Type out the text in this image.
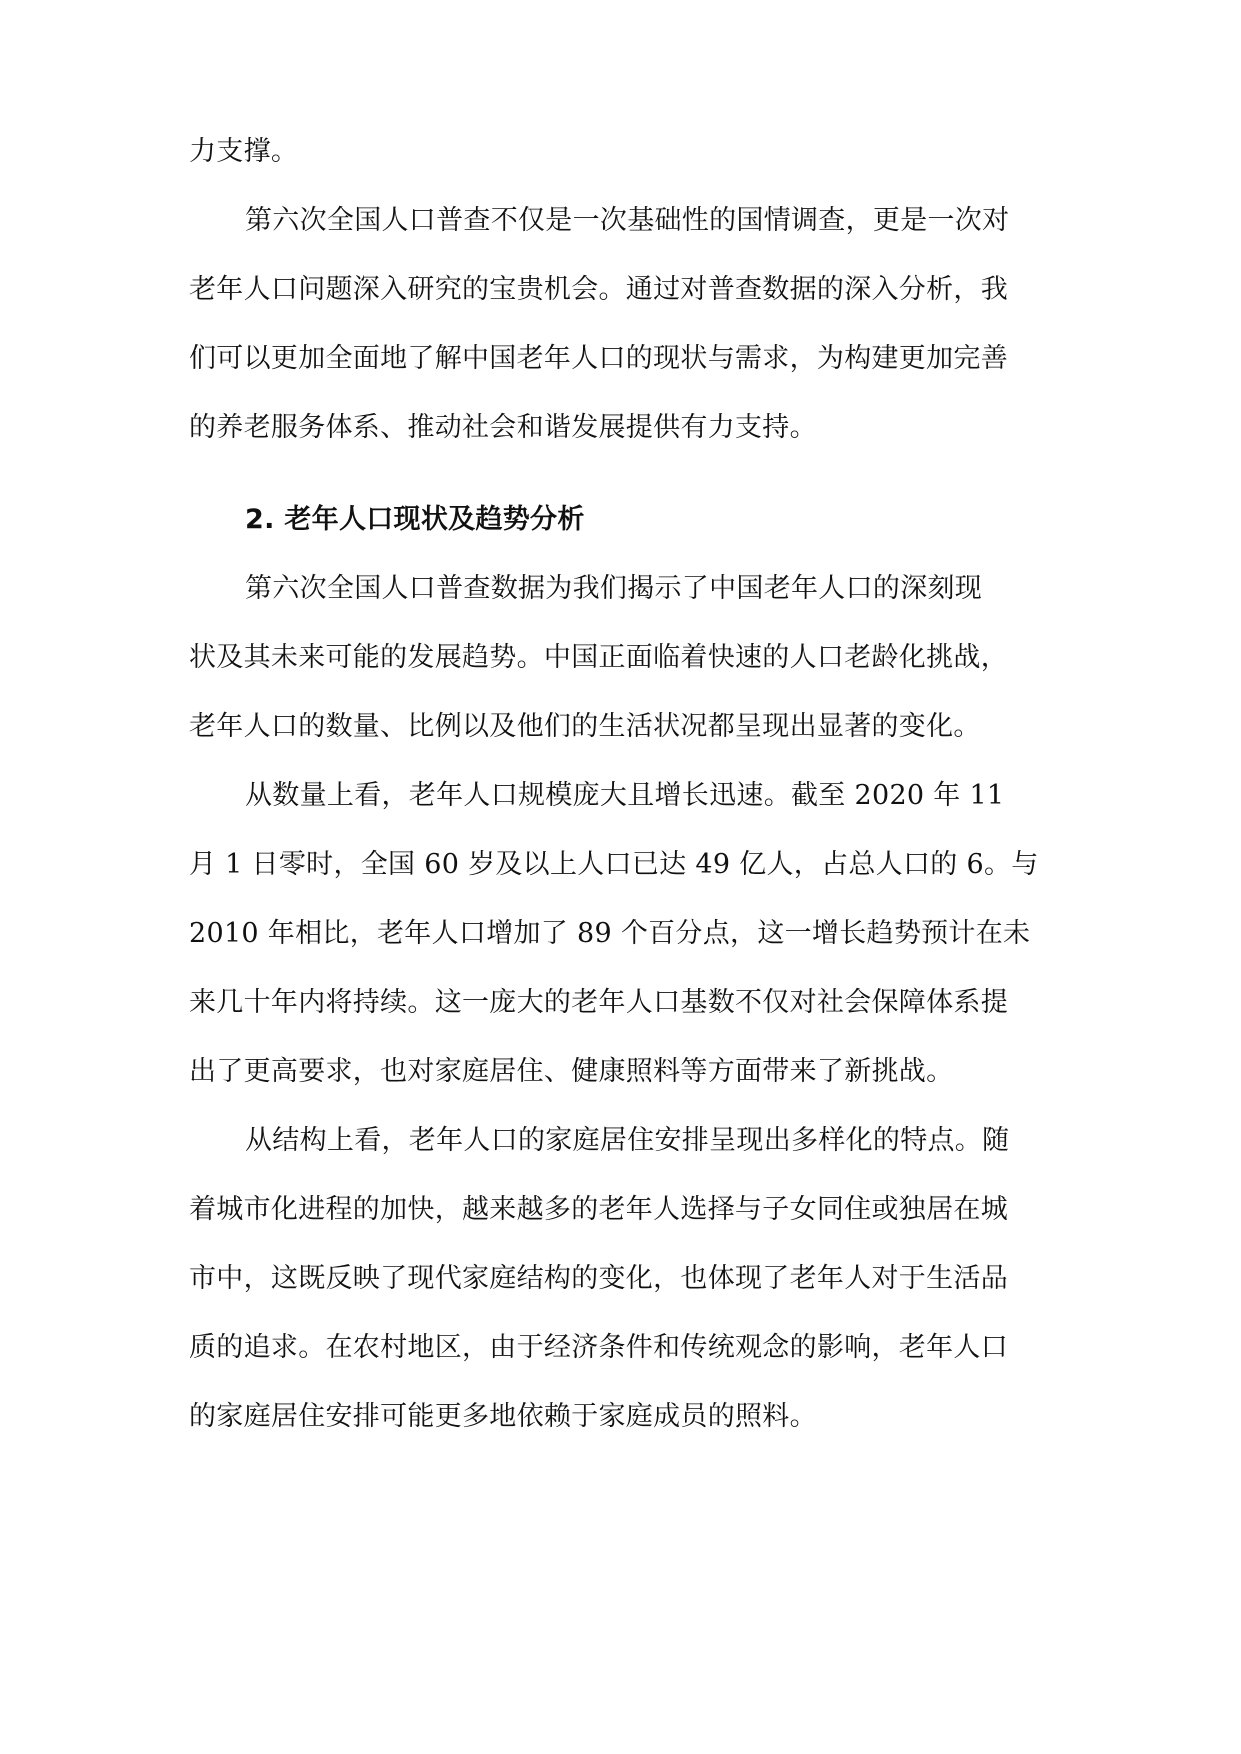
力支撑。
第六次全国人口普查不仅是一次基础性的国情调查，更是一次对
老年人口问题深入研究的宝贵机会。通过对普查数据的深入分析，我
们可以更加全面地了解中国老年人口的现状与需求，为构建更加完善
的养老服务体系、推动社会和谐发展提供有力支持。
2. 老年人口现状及趋势分析
第六次全国人口普查数据为我们揭示了中国老年人口的深刻现
状及其未来可能的发展趋势。中国正面临着快速的人口老龄化挑战，
老年人口的数量、比例以及他们的生活状况都呈现出显著的变化。
从数量上看，老年人口规模庞大且增长迅速。截至 2020 年 11
月 1 日零时，全国 60 岁及以上人口已达 49 亿人，占总人口的 6。与
2010 年相比，老年人口增加了 89 个百分点，这一增长趋势预计在未
来几十年内将持续。这一庞大的老年人口基数不仅对社会保障体系提
出了更高要求，也对家庭居住、健康照料等方面带来了新挑战。
从结构上看，老年人口的家庭居住安排呈现出多样化的特点。随
着城市化进程的加快，越来越多的老年人选择与子女同住或独居在城
市中，这既反映了现代家庭结构的变化，也体现了老年人对于生活品
质的追求。在农村地区，由于经济条件和传统观念的影响，老年人口
的家庭居住安排可能更多地依赖于家庭成员的照料。
